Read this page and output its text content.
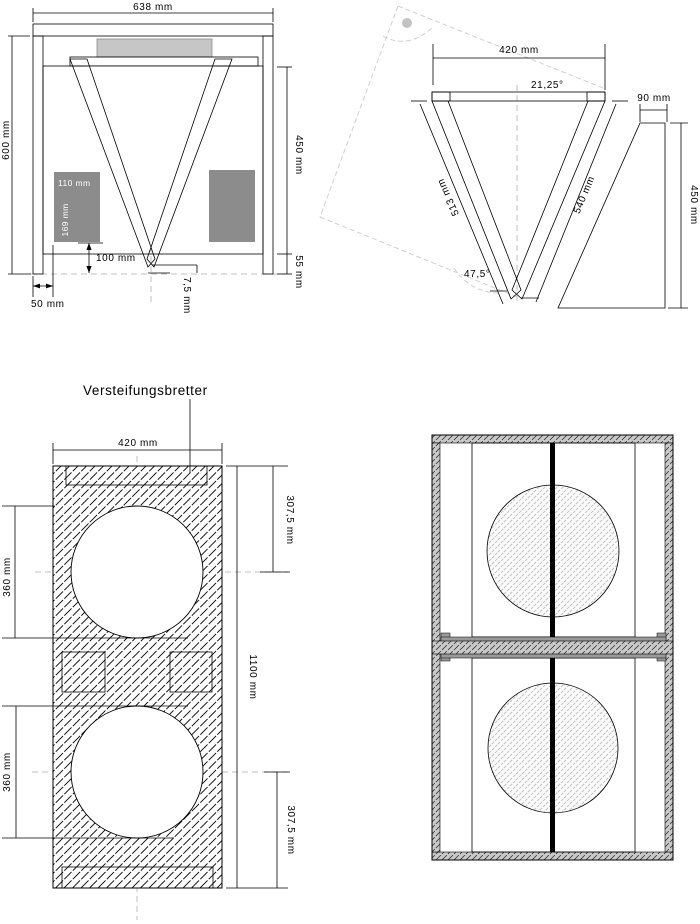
110 mm
169 mm
638 mm
600 mm	450 mm
55 mm
100 mm
50 mm	7,5 mm
420 mm
21,25°
513 mm	540 mm
47,5°
90 mm
450 mm
Versteifungsbretter
420 mm
1100 mm
307,5 mm
307,5 mm
360 mm
360 mm
